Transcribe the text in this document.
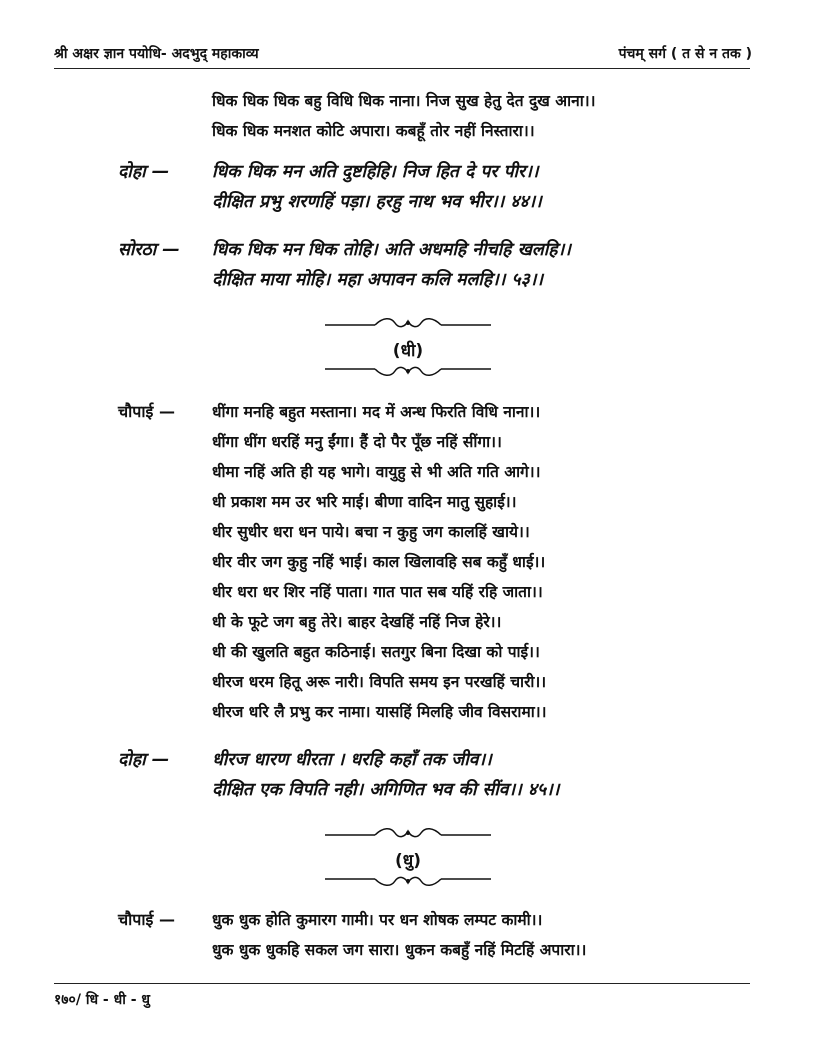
श्री अक्षर ज्ञान पयोधि- अदभुद् महाकाव्य	पंचम् सर्ग ( त से न तक )
धिक धिक धिक बहु विधि धिक नाना। निज सुख हेतु देत दुख आना।।
धिक धिक मनशत कोटि अपारा। कबहूँ तोर नहीं निस्तारा।।
दोहा — धिक धिक मन अति दुष्टहिहि। निज हित दे पर पीर।।
दीक्षित प्रभु शरणहिं पड़ा। हरहु नाथ भव भीर।। ४४।।
सोरठा — धिक धिक मन धिक तोहि। अति अधमहि नीचहि खलहि।।
दीक्षित माया मोहि। महा अपावन कलि मलहि।। ५३।।
(धी)
चौपाई — धींगा मनहि बहुत मस्ताना। मद में अन्ध फिरति विधि नाना।।
धींगा धींग धरहिं मनु ईंगा। हैं दो पैर पूँछ नहिं सींगा।।
धीमा नहिं अति ही यह भागे। वायुहु से भी अति गति आगे।।
धी प्रकाश मम उर भरि माई। बीणा वादिन मातु सुहाई।।
धीर सुधीर धरा धन पाये। बचा न कुहु जग कालहिं खाये।।
धीर वीर जग कुहु नहिं भाई। काल खिलावहि सब कहुँ धाई।।
धीर धरा धर शिर नहिं पाता। गात पात सब यहिं रहि जाता।।
धी के फूटे जग बहु तेरे। बाहर देखहिं नहिं निज हेरे।।
धी की खुलति बहुत कठिनाई। सतगुर बिना दिखा को पाई।।
धीरज धरम हितू अरू नारी। विपति समय इन परखहिं चारी।।
धीरज धरि लै प्रभु कर नामा। यासहिं मिलहि जीव विसरामा।।
दोहा — धीरज धारण धीरता । धरहि कहाँ तक जीव।।
दीक्षित एक विपति नही। अगिणित भव की सींव।। ४५।।
(धु)
चौपाई — धुक धुक होति कुमारग गामी। पर धन शोषक लम्पट कामी।।
धुक धुक धुकहि सकल जग सारा। धुकन कबहुँ नहिं मिटहिं अपारा।।
१७०/ धि - धी - धु
